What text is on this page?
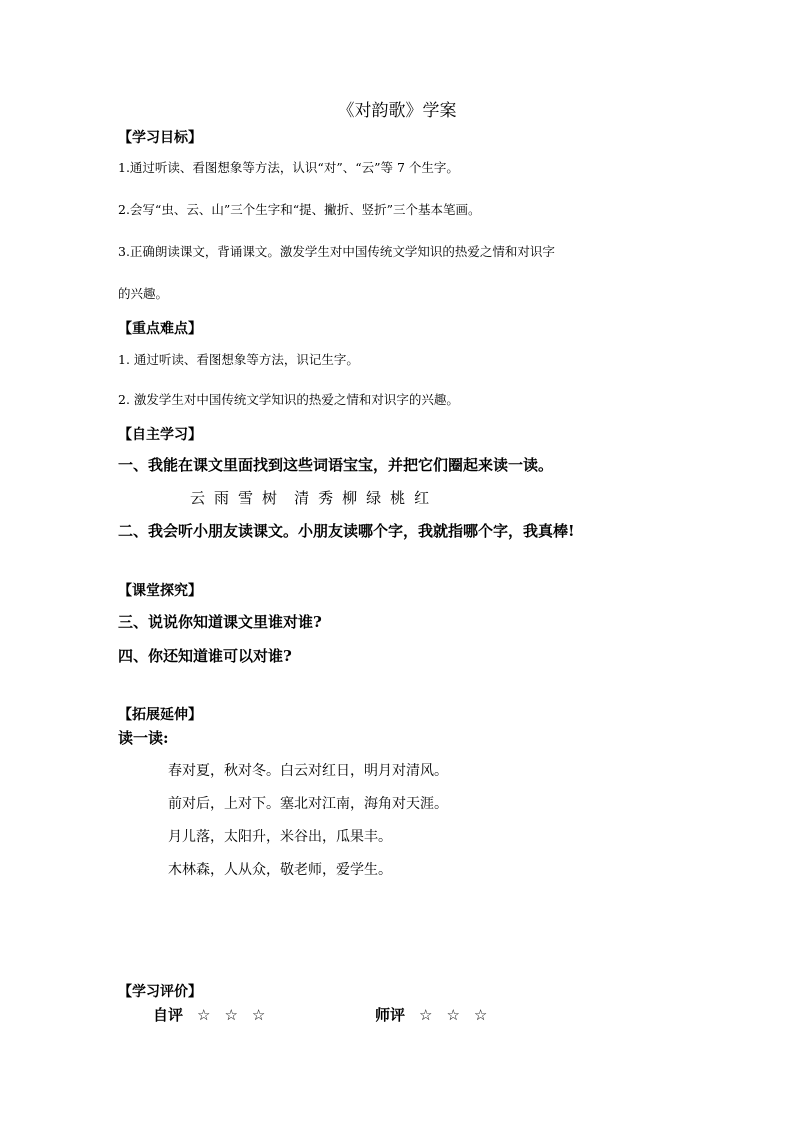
《对韵歌》学案
【学习目标】
1.通过听读、看图想象等方法，认识“对”、“云”等 7 个生字。
2.会写“虫、云、山”三个生字和“提、撇折、竖折”三个基本笔画。
3.正确朗读课文，背诵课文。激发学生对中国传统文学知识的热爱之情和对识字
的兴趣。
【重点难点】
1. 通过听读、看图想象等方法，识记生字。
2. 激发学生对中国传统文学知识的热爱之情和对识字的兴趣。
【自主学习】
一、我能在课文里面找到这些词语宝宝，并把它们圈起来读一读。
云 雨 雪 树 清 秀 柳 绿 桃 红
二、我会听小朋友读课文。小朋友读哪个字，我就指哪个字，我真棒!
【课堂探究】
三、说说你知道课文里谁对谁?
四、你还知道谁可以对谁?
【拓展延伸】
读一读:
春对夏，秋对冬。白云对红日，明月对清风。
前对后，上对下。塞北对江南，海角对天涯。
月儿落，太阳升，米谷出，瓜果丰。
木林森，人从众，敬老师，爱学生。
【学习评价】
自评 ☆ ☆ ☆	师评 ☆ ☆ ☆
